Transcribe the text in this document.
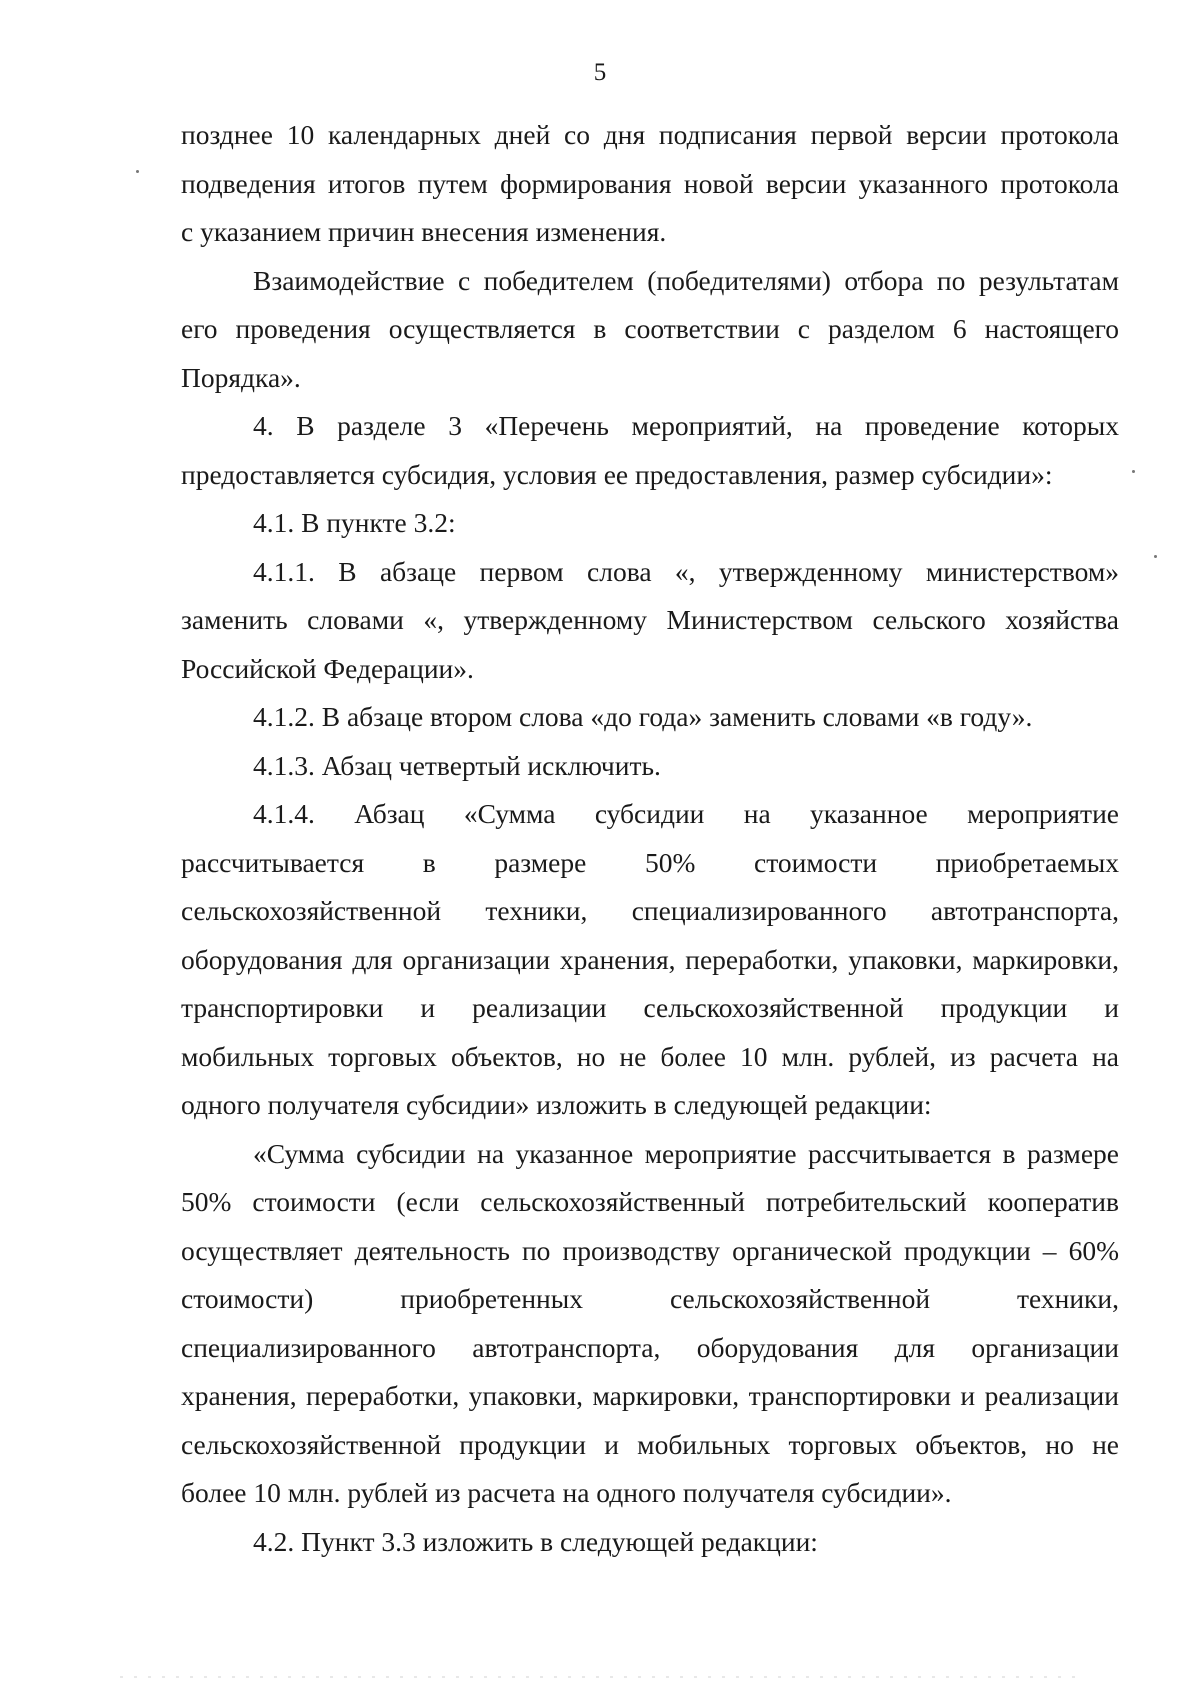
5

позднее 10 календарных дней со дня подписания первой версии протокола
подведения итогов путем формирования новой версии указанного протокола
с указанием причин внесения изменения.

Взаимодействие с победителем (победителями) отбора по результатам
его проведения осуществляется в соответствии с разделом 6 настоящего
Порядка».

4. В разделе 3 «Перечень мероприятий, на проведение которых
предоставляется субсидия, условия ее предоставления, размер субсидии»:

4.1. В пункте 3.2:

4.1.1. В абзаце первом слова «, утвержденному министерством»
заменить словами «, утвержденному Министерством сельского хозяйства
Российской Федерации».

4.1.2. В абзаце втором слова «до года» заменить словами «в году».

4.1.3. Абзац четвертый исключить.

4.1.4. Абзац «Сумма субсидии на указанное мероприятие
рассчитывается в размере 50% стоимости приобретаемых
сельскохозяйственной техники, специализированного автотранспорта,
оборудования для организации хранения, переработки, упаковки, маркировки,
транспортировки и реализации сельскохозяйственной продукции и
мобильных торговых объектов, но не более 10 млн. рублей, из расчета на
одного получателя субсидии» изложить в следующей редакции:

«Сумма субсидии на указанное мероприятие рассчитывается в размере
50% стоимости (если сельскохозяйственный потребительский кооператив
осуществляет деятельность по производству органической продукции – 60%
стоимости) приобретенных сельскохозяйственной техники,
специализированного автотранспорта, оборудования для организации
хранения, переработки, упаковки, маркировки, транспортировки и реализации
сельскохозяйственной продукции и мобильных торговых объектов, но не
более 10 млн. рублей из расчета на одного получателя субсидии».

4.2. Пункт 3.3 изложить в следующей редакции:
